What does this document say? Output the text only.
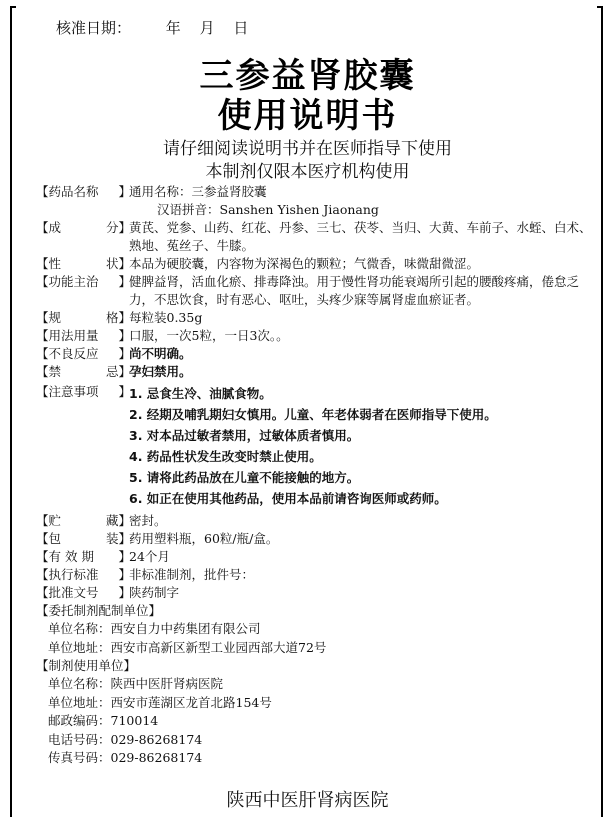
核准日期： 年 月 日
三参益肾胶囊
使用说明书
请仔细阅读说明书并在医师指导下使用
本制剂仅限本医疗机构使用
【 药品名称 】
通用名称：三参益肾胶囊
汉语拼音：Sanshen Yishen Jiaonang
【 成	分 】
黄芪、党参、山药、红花、丹参、三七、茯苓、当归、大黄、车前子、水蛭、白术、熟地、菟丝子、牛膝。
【 性	状 】
本品为硬胶囊，内容物为深褐色的颗粒；气微香，味微甜微涩。
【 功能主治 】
健脾益肾，活血化瘀、排毒降浊。用于慢性肾功能衰竭所引起的腰酸疼痛，倦怠乏力，不思饮食，时有恶心、呕吐，头疼少寐等属肾虚血瘀证者。
【 规	格 】
每粒装0.35g
【 用法用量 】
口服，一次5粒，一日3次。。
【 不良反应 】
尚不明确。
【 禁	忌 】
孕妇禁用。
【 注意事项 】
1. 忌食生冷、油腻食物。
2. 经期及哺乳期妇女慎用。儿童、年老体弱者在医师指导下使用。
3. 对本品过敏者禁用，过敏体质者慎用。
4. 药品性状发生改变时禁止使用。
5. 请将此药品放在儿童不能接触的地方。
6. 如正在使用其他药品，使用本品前请咨询医师或药师。
【 贮	藏 】
密封。
【 包	装 】
药用塑料瓶，60粒/瓶/盒。
【 有 效 期 】
24个月
【 执行标准 】
非标准制剂，批件号：
【 批准文号 】
陕药制字
【委托制剂配制单位】
单位名称：西安自力中药集团有限公司
单位地址：西安市高新区新型工业园西部大道72号
【制剂使用单位】
单位名称：陕西中医肝肾病医院
单位地址：西安市莲湖区龙首北路154号
邮政编码：710014
电话号码：029-86268174
传真号码：029-86268174
陕西中医肝肾病医院
